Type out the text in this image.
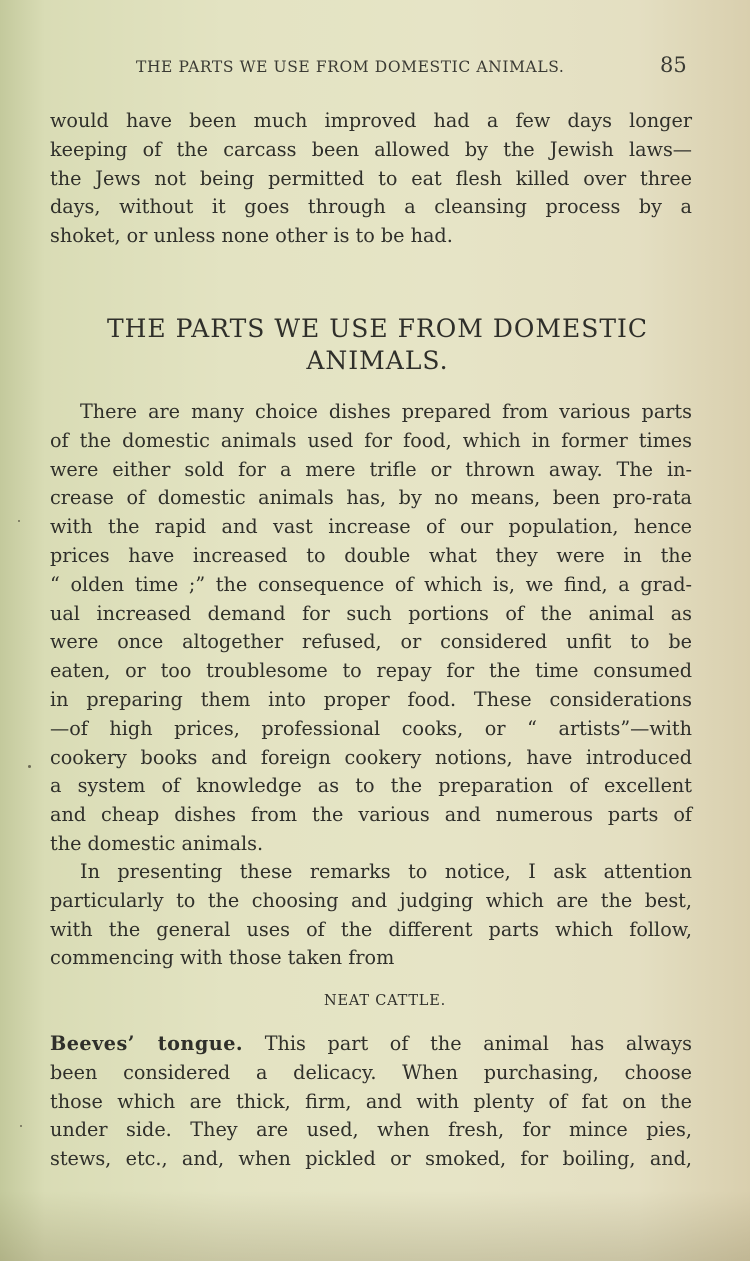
THE PARTS WE USE FROM DOMESTIC ANIMALS.	85
would have been much improved had a few days longer
keeping of the carcass been allowed by the Jewish laws—
the Jews not being permitted to eat flesh killed over three
days, without it goes through a cleansing process by a
shoket, or unless none other is to be had.
THE PARTS WE USE FROM DOMESTIC
ANIMALS.
There are many choice dishes prepared from various parts
of the domestic animals used for food, which in former times
were either sold for a mere trifle or thrown away. The in-
crease of domestic animals has, by no means, been pro-rata
with the rapid and vast increase of our population, hence
prices have increased to double what they were in the
“ olden time ;” the consequence of which is, we find, a grad-
ual increased demand for such portions of the animal as
were once altogether refused, or considered unfit to be
eaten, or too troublesome to repay for the time consumed
in preparing them into proper food. These considerations
—of high prices, professional cooks, or “ artists”—with
cookery books and foreign cookery notions, have introduced
a system of knowledge as to the preparation of excellent
and cheap dishes from the various and numerous parts of
the domestic animals.
In presenting these remarks to notice, I ask attention
particularly to the choosing and judging which are the best,
with the general uses of the different parts which follow,
commencing with those taken from
NEAT CATTLE.
Beeves’ tongue. This part of the animal has always
been considered a delicacy. When purchasing, choose
those which are thick, firm, and with plenty of fat on the
under side. They are used, when fresh, for mince pies,
stews, etc., and, when pickled or smoked, for boiling, and,
